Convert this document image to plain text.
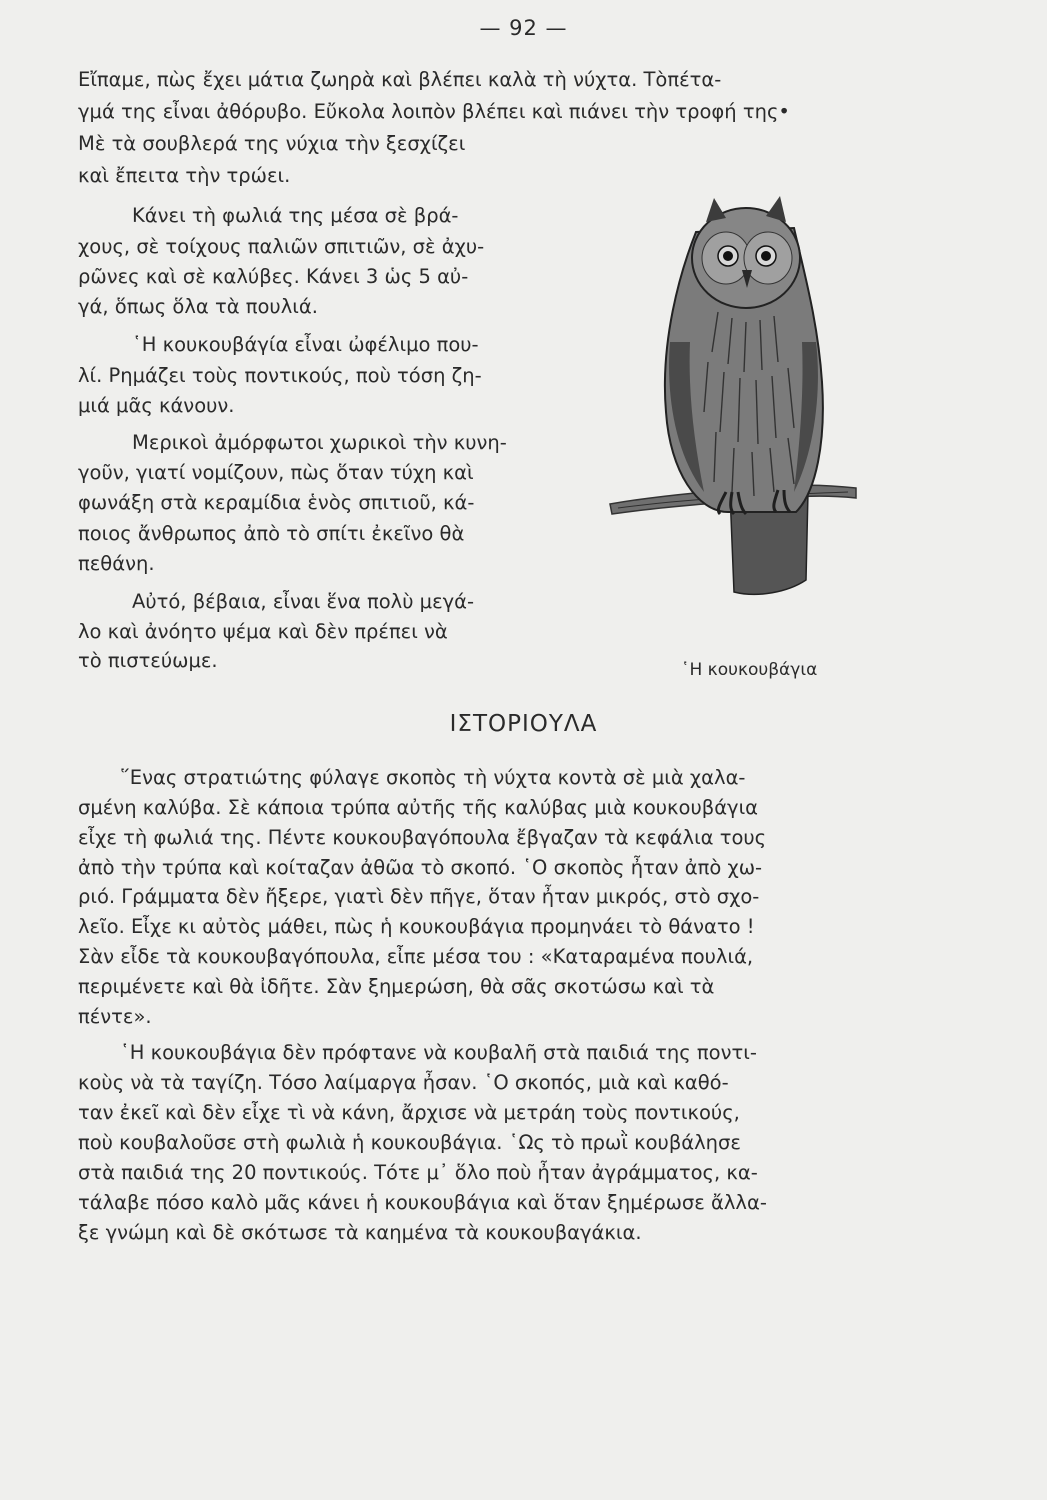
— 92 —
Εἴπαμε, πὼς ἔχει μάτια ζωηρὰ καὶ βλέπει καλὰ τὴ νύχτα. Τὸπέτα-
γμά της εἶναι ἀθόρυβο. Εὔκολα λοιπὸν βλέπει καὶ πιάνει τὴν τροφή της•
Μὲ τὰ σουβλερά της νύχια τὴν ξεσχίζει
καὶ ἔπειτα τὴν τρώει.
Κάνει τὴ φωλιά της μέσα σὲ βρά-
χους, σὲ τοίχους παλιῶν σπιτιῶν, σὲ ἀχυ-
ρῶνες καὶ σὲ καλύβες. Κάνει 3 ὡς 5 αὐ-
γά, ὅπως ὅλα τὰ πουλιά.
῾Η κουκουβάγία εἶναι ὠφέλιμο που-
λί. Ρημάζει τοὺς ποντικούς, ποὺ τόση ζη-
μιά μᾶς κάνουν.
Μερικοὶ ἀμόρφωτοι χωρικοὶ τὴν κυνη-
γοῦν, γιατί νομίζουν, πὼς ὅταν τύχη καὶ
φωνάξη στὰ κεραμίδια ἑνὸς σπιτιοῦ, κά-
ποιος ἄνθρωπος ἀπὸ τὸ σπίτι ἐκεῖνο θὰ
πεθάνη.
Αὐτό, βέβαια, εἶναι ἕνα πολὺ μεγά-
λο καὶ ἀνόητο ψέμα καὶ δὲν πρέπει νὰ
τὸ πιστεύωμε.	῾Η κουκουβάγια
ΙΣΤΟΡΙΟΥΛΑ
῞Ενας στρατιώτης φύλαγε σκοπὸς τὴ νύχτα κοντὰ σὲ μιὰ χαλα-
σμένη καλύβα. Σὲ κάποια τρύπα αὐτῆς τῆς καλύβας μιὰ κουκουβάγια
εἶχε τὴ φωλιά της. Πέντε κουκουβαγόπουλα ἔβγαζαν τὰ κεφάλια τους
ἀπὸ τὴν τρύπα καὶ κοίταζαν ἀθῶα τὸ σκοπό. ῾Ο σκοπὸς ἦταν ἀπὸ χω-
ριό. Γράμματα δὲν ἤξερε, γιατὶ δὲν πῆγε, ὅταν ἦταν μικρός, στὸ σχο-
λεῖο. Εἶχε κι αὐτὸς μάθει, πὼς ἡ κουκουβάγια προμηνάει τὸ θάνατο !
Σὰν εἶδε τὰ κουκουβαγόπουλα, εἶπε μέσα του : «Καταραμένα πουλιά,
περιμένετε καὶ θὰ ἰδῆτε. Σὰν ξημερώση, θὰ σᾶς σκοτώσω καὶ τὰ
πέντε».
῾Η κουκουβάγια δὲν πρόφτανε νὰ κουβαλῆ στὰ παιδιά της ποντι-
κοὺς νὰ τὰ ταγίζη. Τόσο λαίμαργα ἦσαν. ῾Ο σκοπός, μιὰ καὶ καθό-
ταν ἐκεῖ καὶ δὲν εἶχε τὶ νὰ κάνη, ἄρχισε νὰ μετράη τοὺς ποντικούς,
ποὺ κουβαλοῦσε στὴ φωλιὰ ἡ κουκουβάγια. ῾Ως τὸ πρωῒ κουβάλησε
στὰ παιδιά της 20 ποντικούς. Τότε μ᾽ ὅλο ποὺ ἦταν ἀγράμματος, κα-
τάλαβε πόσο καλὸ μᾶς κάνει ἡ κουκουβάγια καὶ ὅταν ξημέρωσε ἄλλα-
ξε γνώμη καὶ δὲ σκότωσε τὰ καημένα τὰ κουκουβαγάκια.
